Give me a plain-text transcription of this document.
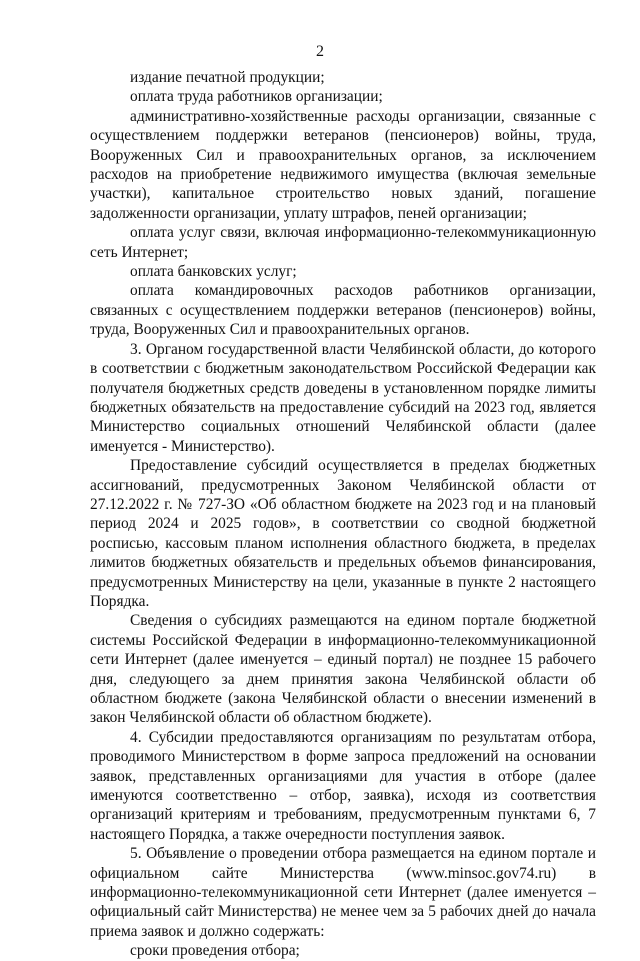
2

издание печатной продукции;

оплата труда работников организации;

административно-хозяйственные расходы организации, связанные с осуществлением поддержки ветеранов (пенсионеров) войны, труда, Вооруженных Сил и правоохранительных органов, за исключением расходов на приобретение недвижимого имущества (включая земельные участки), капитальное строительство новых зданий, погашение задолженности организации, уплату штрафов, пеней организации;

оплата услуг связи, включая информационно-телекоммуникационную сеть Интернет;

оплата банковских услуг;

оплата командировочных расходов работников организации, связанных с осуществлением поддержки ветеранов (пенсионеров) войны, труда, Вооруженных Сил и правоохранительных органов.

3. Органом государственной власти Челябинской области, до которого в соответствии с бюджетным законодательством Российской Федерации как получателя бюджетных средств доведены в установленном порядке лимиты бюджетных обязательств на предоставление субсидий на 2023 год, является Министерство социальных отношений Челябинской области (далее именуется - Министерство).

Предоставление субсидий осуществляется в пределах бюджетных ассигнований, предусмотренных Законом Челябинской области от 27.12.2022 г. № 727-ЗО «Об областном бюджете на 2023 год и на плановый период 2024 и 2025 годов», в соответствии со сводной бюджетной росписью, кассовым планом исполнения областного бюджета, в пределах лимитов бюджетных обязательств и предельных объемов финансирования, предусмотренных Министерству на цели, указанные в пункте 2 настоящего Порядка.

Сведения о субсидиях размещаются на едином портале бюджетной системы Российской Федерации в информационно-телекоммуникационной сети Интернет (далее именуется – единый портал) не позднее 15 рабочего дня, следующего за днем принятия закона Челябинской области об областном бюджете (закона Челябинской области о внесении изменений в закон Челябинской области об областном бюджете).

4. Субсидии предоставляются организациям по результатам отбора, проводимого Министерством в форме запроса предложений на основании заявок, представленных организациями для участия в отборе (далее именуются соответственно – отбор, заявка), исходя из соответствия организаций критериям и требованиям, предусмотренным пунктами 6, 7 настоящего Порядка, а также очередности поступления заявок.

5. Объявление о проведении отбора размещается на едином портале и официальном сайте Министерства (www.minsoc.gov74.ru) в информационно-телекоммуникационной сети Интернет (далее именуется – официальный сайт Министерства) не менее чем за 5 рабочих дней до начала приема заявок и должно содержать:

сроки проведения отбора;
